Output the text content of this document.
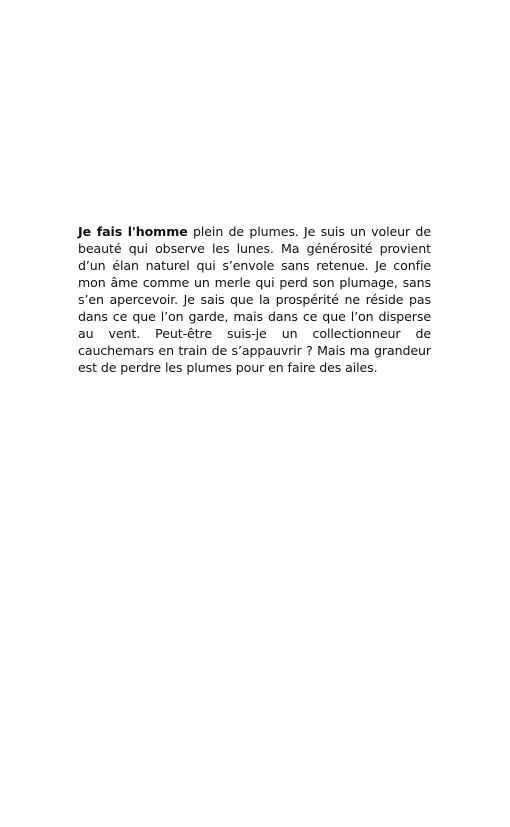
Je fais l'homme plein de plumes. Je suis un voleur de beauté qui observe les lunes. Ma générosité provient d’un élan naturel qui s’envole sans retenue. Je confie mon âme comme un merle qui perd son plumage, sans s’en apercevoir. Je sais que la prospérité ne réside pas dans ce que l’on garde, mais dans ce que l’on disperse au vent. Peut-être suis-je un collectionneur de cauchemars en train de s’appauvrir ? Mais ma grandeur est de perdre les plumes pour en faire des ailes.
